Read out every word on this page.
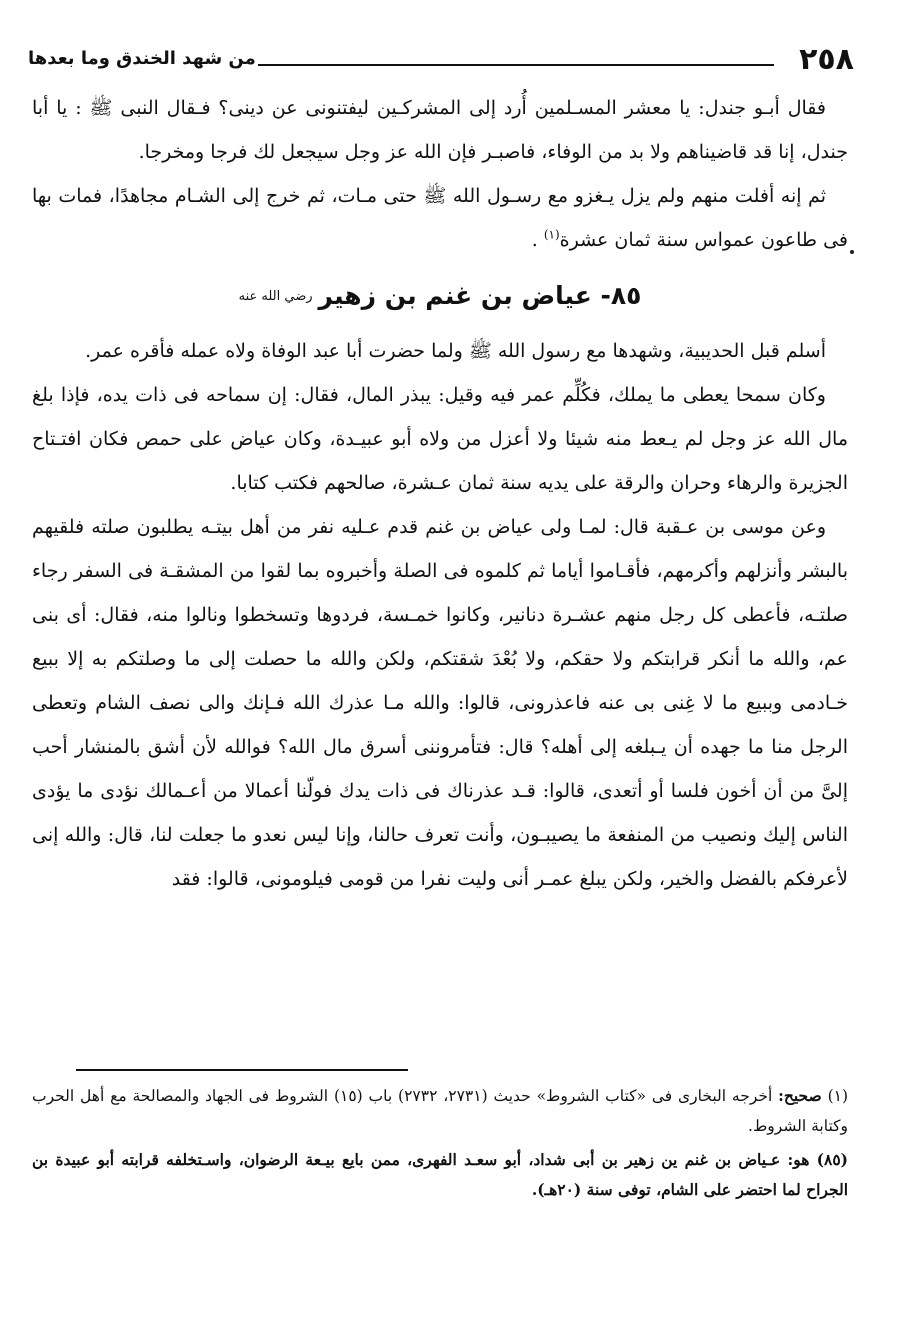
٢٥٨
من شهد الخندق وما بعدها

فقال أبـو جندل: يا معشر المسـلمين أُرد إلى المشركـين ليفتنونى عن دينى؟ فـقال النبى ﷺ : يا أبا جندل، إنا قد قاضيناهم ولا بد من الوفاء، فاصبـر فإن الله عز وجل سيجعل لك فرجا ومخرجا.

ثم إنه أفلت منهم ولم يزل يـغزو مع رسـول الله ﷺ حتى مـات، ثم خرج إلى الشـام مجاهدًا، فمات بها فى طاعون عمواس سنة ثمان عشرة$^{(١)}$ .

٨٥- عياض بن غنم بن زهيررضي الله عنه

أسلم قبل الحديبية، وشهدها مع رسول الله ﷺ ولما حضرت أبا عبد الوفاة ولاه عمله فأقره عمر.

وكان سمحا يعطى ما يملك، فكُلِّم عمر فيه وقيل: يبذر المال، فقال: إن سماحه فى ذات يده، فإذا بلغ مال الله عز وجل لم يـعط منه شيئا ولا أعزل من ولاه أبو عبيـدة، وكان عياض على حمص فكان افتـتاح الجزيرة والرهاء وحران والرقة على يديه سنة ثمان عـشرة، صالحهم فكتب كتابا.

وعن موسى بن عـقبة قال: لمـا ولى عياض بن غنم قدم عـليه نفر من أهل بيتـه يطلبون صلته فلقيهم بالبشر وأنزلهم وأكرمهم، فأقـاموا أياما ثم كلموه فى الصلة وأخبروه بما لقوا من المشقـة فى السفر رجاء صلتـه، فأعطى كل رجل منهم عشـرة دنانير، وكانوا خمـسة، فردوها وتسخطوا ونالوا منه، فقال: أى بنى عم، والله ما أنكر قرابتكم ولا حقكم، ولا بُعْدَ شقتكم، ولكن والله ما حصلت إلى ما وصلتكم به إلا ببيع خـادمى وببيع ما لا غِنى بى عنه فاعذرونى، قالوا: والله مـا عذرك الله فـإنك والى نصف الشام وتعطى الرجل منا ما جهده أن يـبلغه إلى أهله؟ قال: فتأمروننى أسرق مال الله؟ فوالله لأن أشق بالمنشار أحب إلىَّ من أن أخون فلسا أو أتعدى، قالوا: قـد عذرناك فى ذات يدك فولّنا أعمالا من أعـمالك نؤدى ما يؤدى الناس إليك ونصيب من المنفعة ما يصيبـون، وأنت تعرف حالنا، وإنا ليس نعدو ما جعلت لنا، قال: والله إنى لأعرفكم بالفضل والخير، ولكن يبلغ عمـر أنى وليت نفرا من قومى فيلومونى، قالوا: فقد

(١) صحيح: أخرجه البخارى فى «كتاب الشروط» حديث (٢٧٣١، ٢٧٣٢) باب (١٥) الشروط فى الجهاد والمصالحة مع أهل الحرب وكتابة الشروط.

(٨٥) هو: عـياض بن غنم ين زهير بن أبى شداد، أبو سعـد الفهرى، ممن بايع بيـعة الرضوان، واسـتخلفه قرابته أبو عبيدة بن الجراح لما احتضر على الشام، توفى سنة (٢٠هـ).
